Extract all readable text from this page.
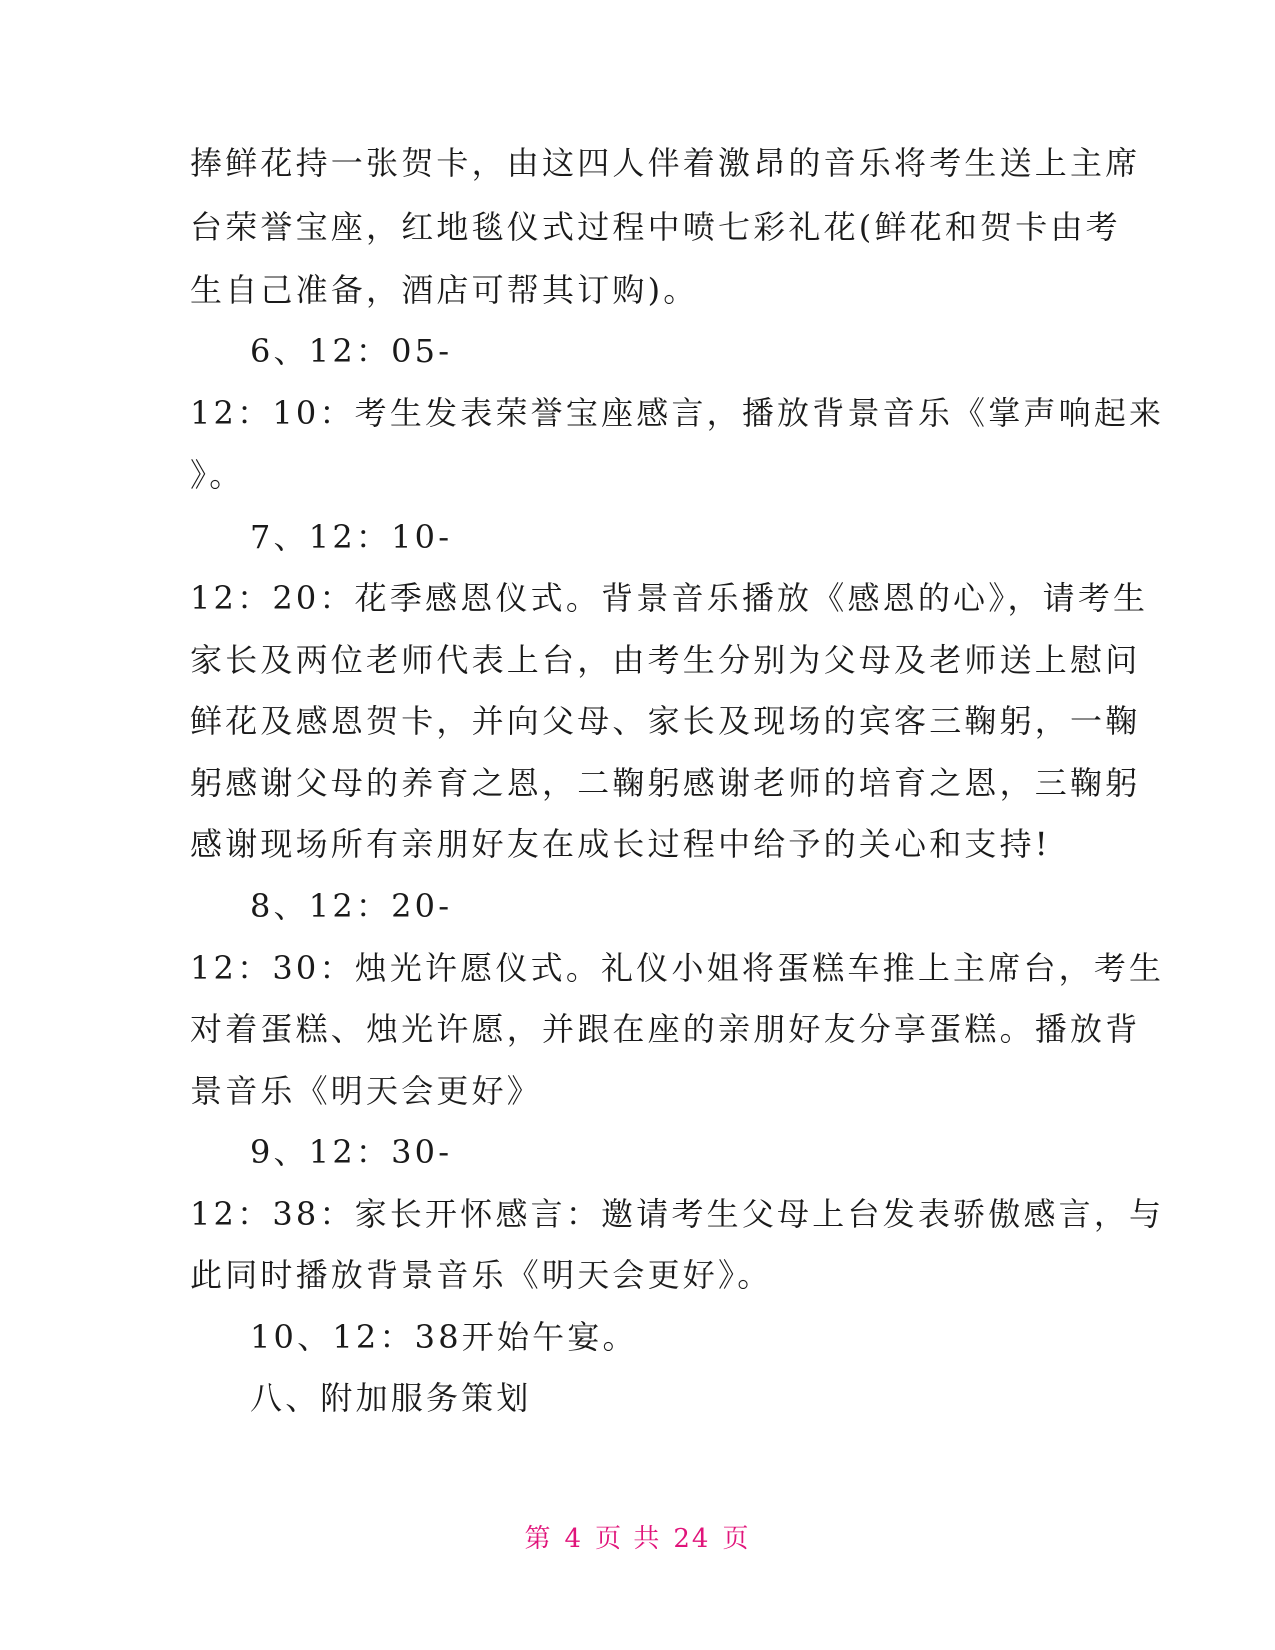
捧鲜花持一张贺卡，由这四人伴着激昂的音乐将考生送上主席
台荣誉宝座，红地毯仪式过程中喷七彩礼花(鲜花和贺卡由考
生自己准备，酒店可帮其订购)。
6、12：05-
12：10：考生发表荣誉宝座感言，播放背景音乐《掌声响起来
》。
7、12：10-
12：20：花季感恩仪式。背景音乐播放《感恩的心》，请考生
家长及两位老师代表上台，由考生分别为父母及老师送上慰问
鲜花及感恩贺卡，并向父母、家长及现场的宾客三鞠躬，一鞠
躬感谢父母的养育之恩，二鞠躬感谢老师的培育之恩，三鞠躬
感谢现场所有亲朋好友在成长过程中给予的关心和支持!
8、12：20-
12：30：烛光许愿仪式。礼仪小姐将蛋糕车推上主席台，考生
对着蛋糕、烛光许愿，并跟在座的亲朋好友分享蛋糕。播放背
景音乐《明天会更好》
9、12：30-
12：38：家长开怀感言：邀请考生父母上台发表骄傲感言，与
此同时播放背景音乐《明天会更好》。
10、12：38开始午宴。
八、附加服务策划
第 4 页 共 24 页
